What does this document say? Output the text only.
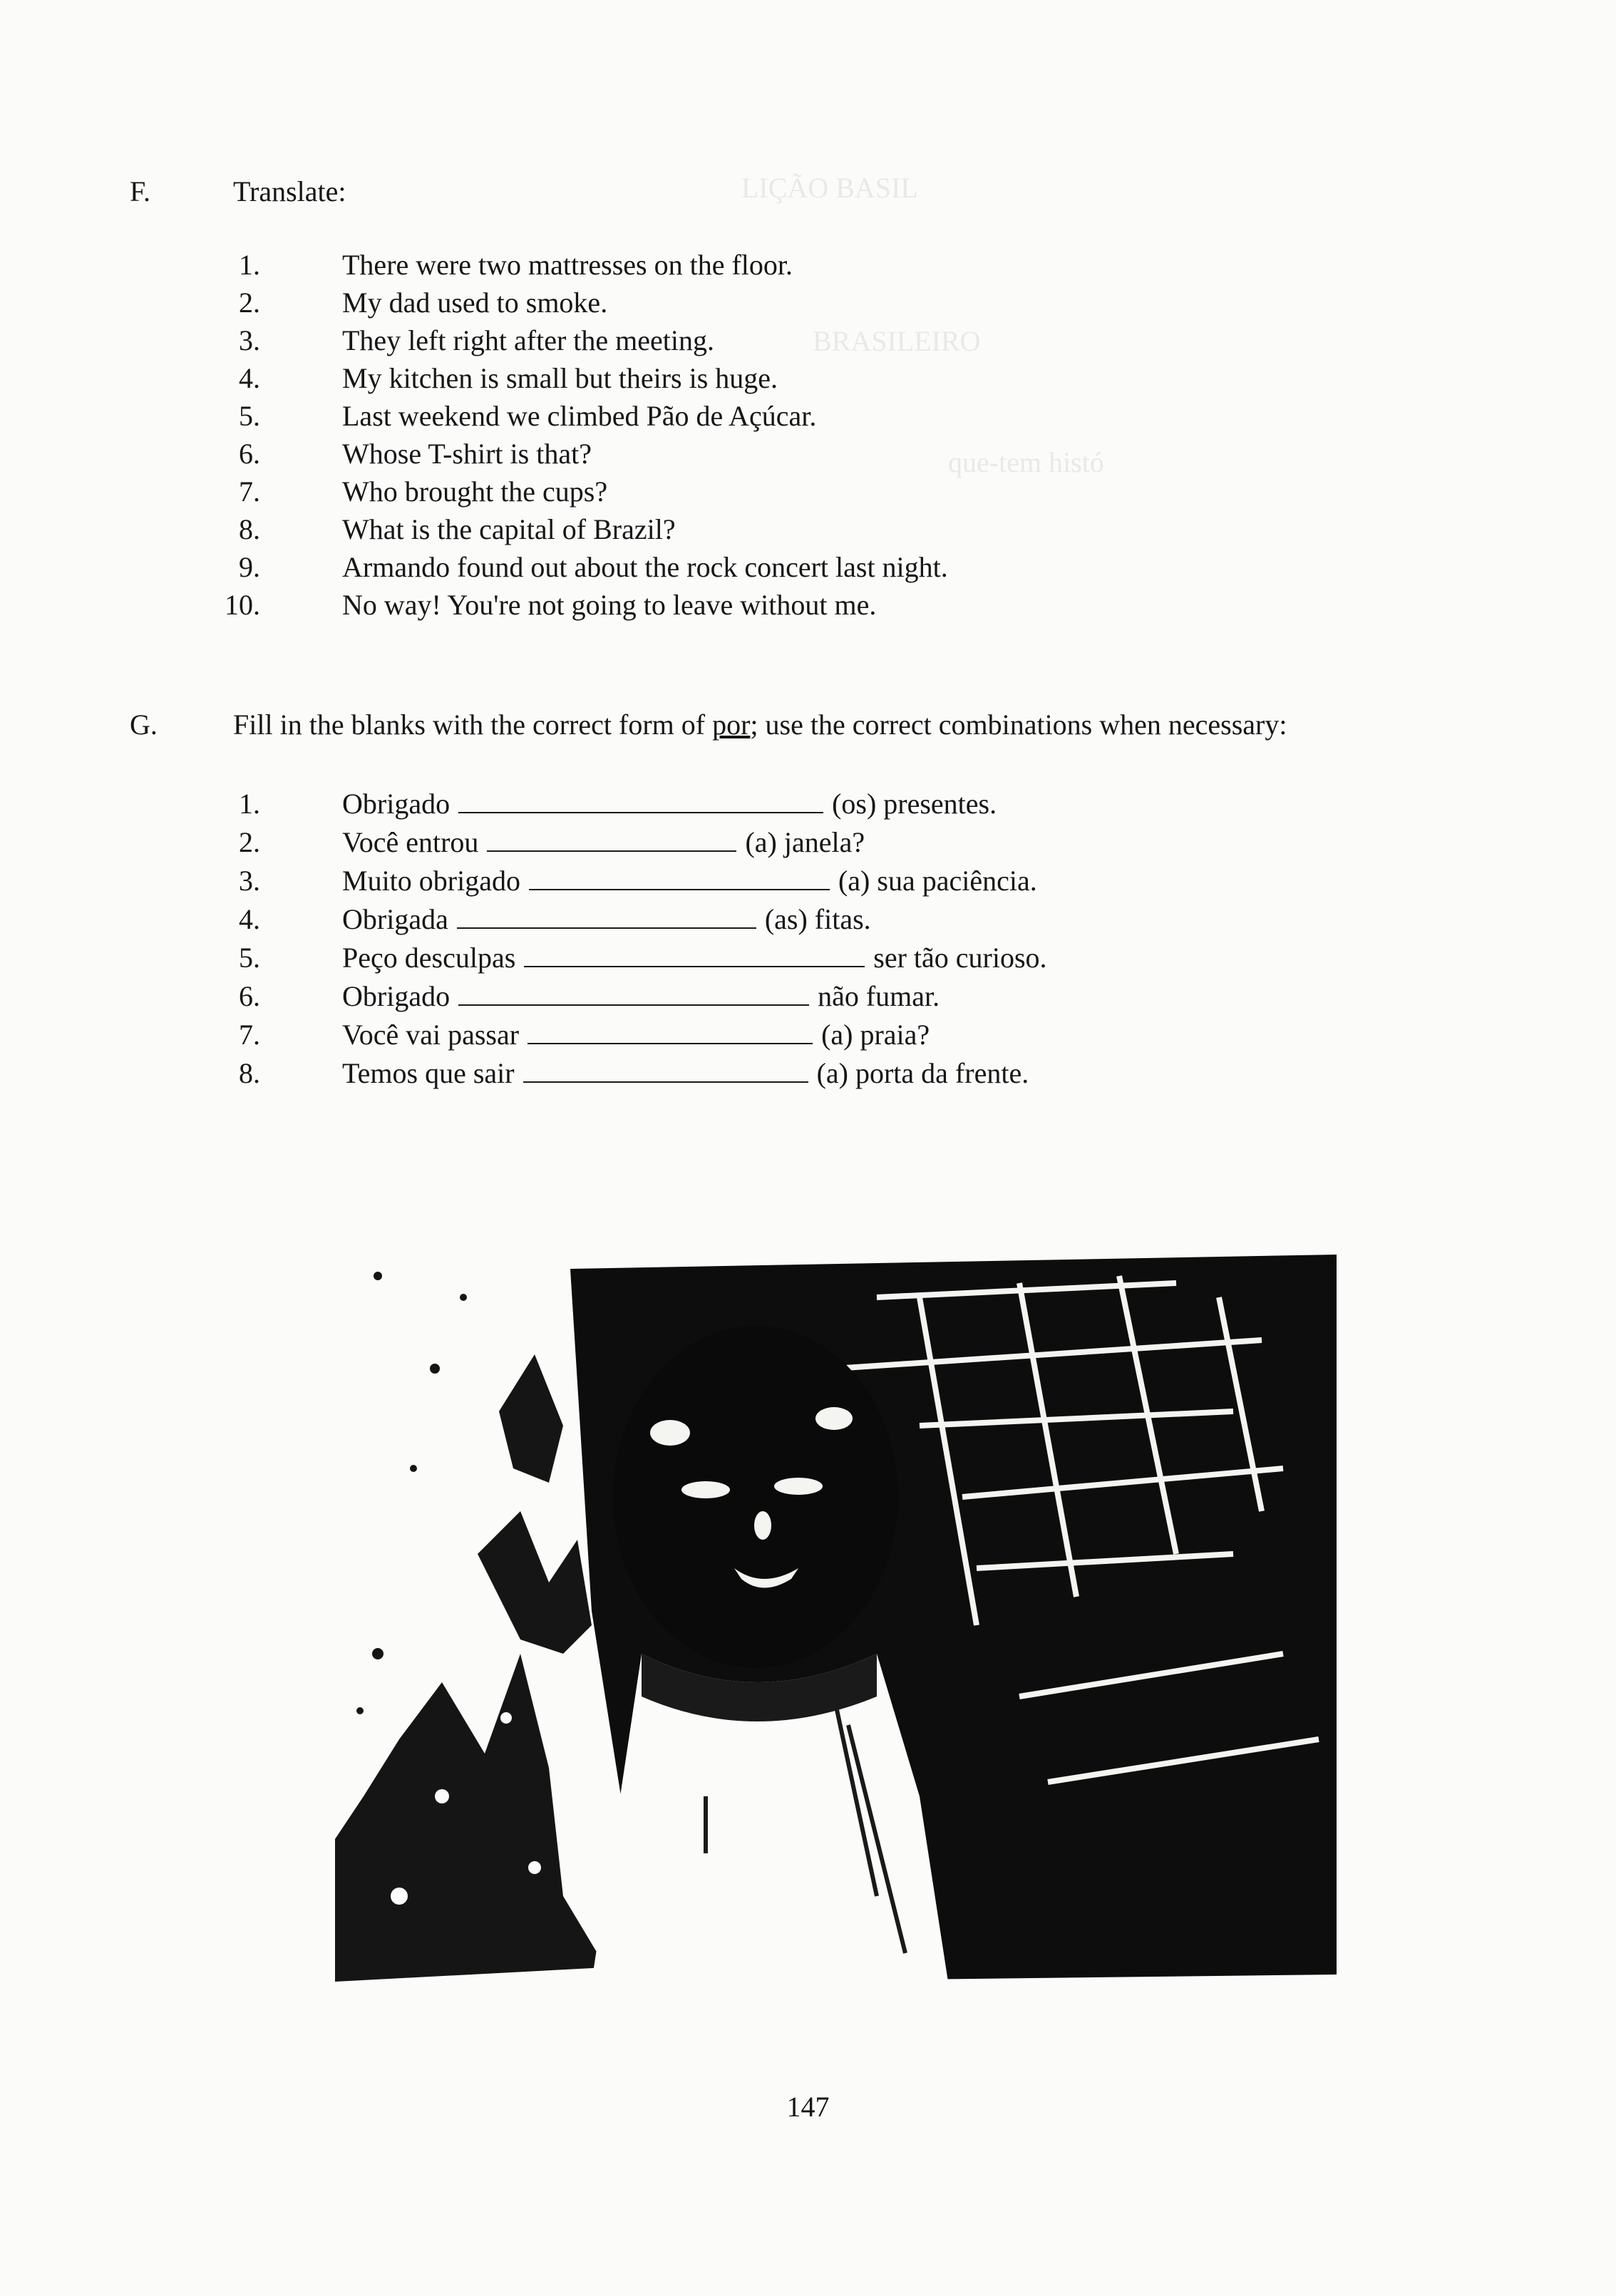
LIÇÃO BASIL
BRASILEIRO
que-tem histó
F.	Translate:
1.	There were two mattresses on the floor.
2.	My dad used to smoke.
3.	They left right after the meeting.
4.	My kitchen is small but theirs is huge.
5.	Last weekend we climbed Pão de Açúcar.
6.	Whose T-shirt is that?
7.	Who brought the cups?
8.	What is the capital of Brazil?
9.	Armando found out about the rock concert last night.
10.	No way! You're not going to leave without me.
G.	Fill in the blanks with the correct form of por; use the correct combinations when necessary:
1.	Obrigado	(os) presentes.
2.	Você entrou	(a) janela?
3.	Muito obrigado	(a) sua paciência.
4.	Obrigada	(as) fitas.
5.	Peço desculpas	ser tão curioso.
6.	Obrigado	não fumar.
7.	Você vai passar	(a) praia?
8.	Temos que sair	(a) porta da frente.
147
